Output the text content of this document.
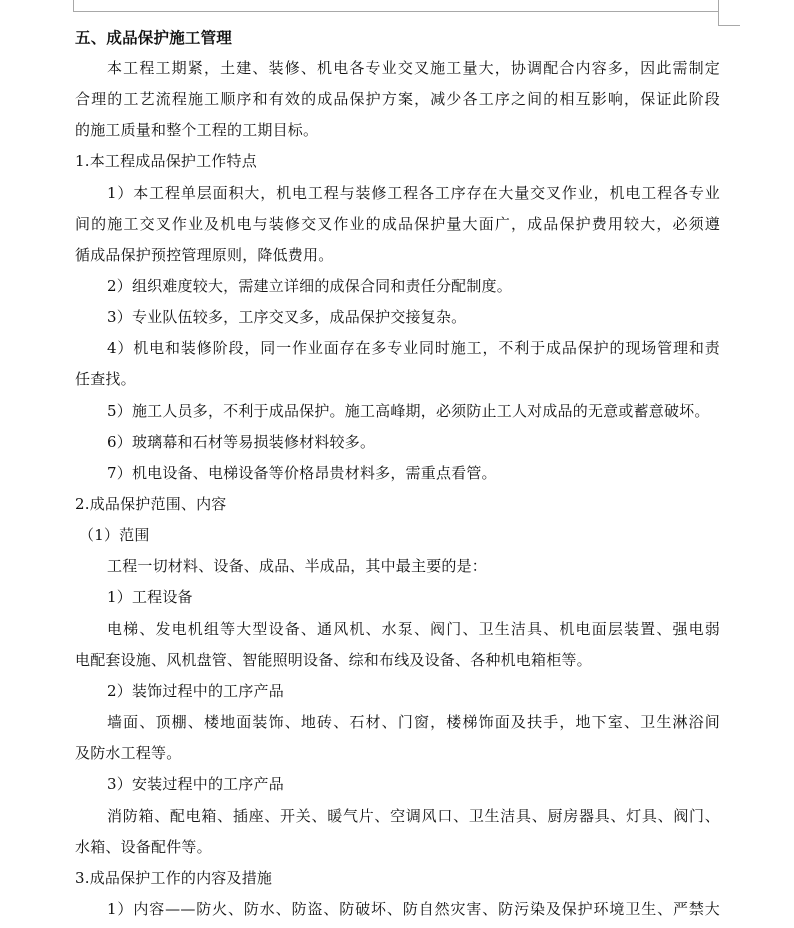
五、成品保护施工管理
本工程工期紧，土建、装修、机电各专业交叉施工量大，协调配合内容多，因此需制定
合理的工艺流程施工顺序和有效的成品保护方案，减少各工序之间的相互影响，保证此阶段
的施工质量和整个工程的工期目标。
1.本工程成品保护工作特点
1）本工程单层面积大，机电工程与装修工程各工序存在大量交叉作业，机电工程各专业
间的施工交叉作业及机电与装修交叉作业的成品保护量大面广，成品保护费用较大，必须遵
循成品保护预控管理原则，降低费用。
2）组织难度较大，需建立详细的成保合同和责任分配制度。
3）专业队伍较多，工序交叉多，成品保护交接复杂。
4）机电和装修阶段，同一作业面存在多专业同时施工，不利于成品保护的现场管理和责
任查找。
5）施工人员多，不利于成品保护。施工高峰期，必须防止工人对成品的无意或蓄意破坏。
6）玻璃幕和石材等易损装修材料较多。
7）机电设备、电梯设备等价格昂贵材料多，需重点看管。
2.成品保护范围、内容
（1）范围
工程一切材料、设备、成品、半成品，其中最主要的是：
1）工程设备
电梯、发电机组等大型设备、通风机、水泵、阀门、卫生洁具、机电面层装置、强电弱
电配套设施、风机盘管、智能照明设备、综和布线及设备、各种机电箱柜等。
2）装饰过程中的工序产品
墙面、顶棚、楼地面装饰、地砖、石材、门窗，楼梯饰面及扶手，地下室、卫生淋浴间
及防水工程等。
3）安装过程中的工序产品
消防箱、配电箱、插座、开关、暖气片、空调风口、卫生洁具、厨房器具、灯具、阀门、
水箱、设备配件等。
3.成品保护工作的内容及措施
1）内容——防火、防水、防盗、防破坏、防自然灾害、防污染及保护环境卫生、严禁大
